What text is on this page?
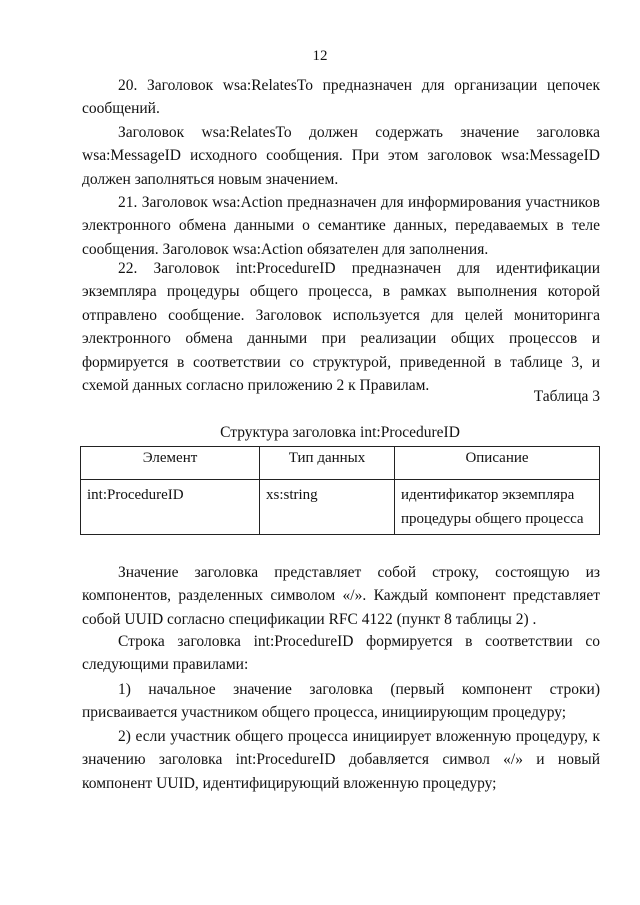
12

20. Заголовок wsa:RelatesTo предназначен для организации цепочек сообщений.

Заголовок wsa:RelatesTo должен содержать значение заголовка wsa:MessageID исходного сообщения. При этом заголовок wsa:MessageID должен заполняться новым значением.

21. Заголовок wsa:Action предназначен для информирования участников электронного обмена данными о семантике данных, передаваемых в теле сообщения. Заголовок wsa:Action обязателен для заполнения.

22. Заголовок int:ProcedureID предназначен для идентификации экземпляра процедуры общего процесса, в рамках выполнения которой отправлено сообщение. Заголовок используется для целей мониторинга электронного обмена данными при реализации общих процессов и формируется в соответствии со структурой, приведенной в таблице 3, и схемой данных согласно приложению 2 к Правилам.

Таблица 3
Структура заголовка int:ProcedureID
Элемент	Тип данных	Описание
int:ProcedureID	xs:string	идентификатор экземпляра процедуры общего процесса

Значение заголовка представляет собой строку, состоящую из компонентов, разделенных символом «/». Каждый компонент представляет собой UUID согласно спецификации RFC 4122 (пункт 8 таблицы 2) .

Строка заголовка int:ProcedureID формируется в соответствии со следующими правилами:

1) начальное значение заголовка (первый компонент строки) присваивается участником общего процесса, инициирующим процедуру;

2) если участник общего процесса инициирует вложенную процедуру, к значению заголовка int:ProcedureID добавляется символ «/» и новый компонент UUID, идентифицирующий вложенную процедуру;
